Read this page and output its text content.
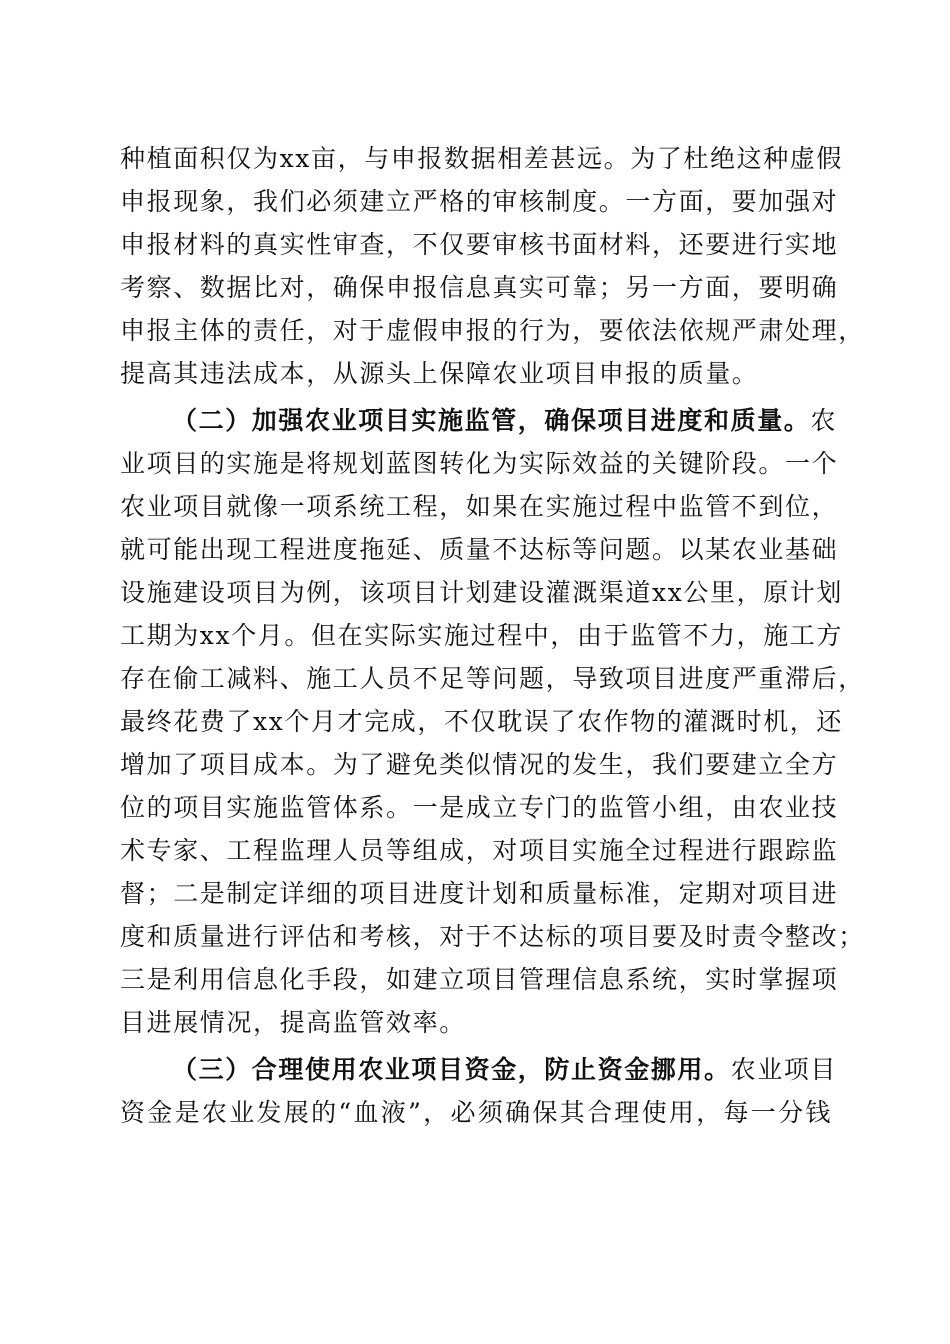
种植面积仅为xx亩，与申报数据相差甚远。为了杜绝这种虚假
申报现象，我们必须建立严格的审核制度。一方面，要加强对
申报材料的真实性审查，不仅要审核书面材料，还要进行实地
考察、数据比对，确保申报信息真实可靠；另一方面，要明确
申报主体的责任，对于虚假申报的行为，要依法依规严肃处理，
提高其违法成本，从源头上保障农业项目申报的质量。
（二）加强农业项目实施监管，确保项目进度和质量。农
业项目的实施是将规划蓝图转化为实际效益的关键阶段。一个
农业项目就像一项系统工程，如果在实施过程中监管不到位，
就可能出现工程进度拖延、质量不达标等问题。以某农业基础
设施建设项目为例，该项目计划建设灌溉渠道xx公里，原计划
工期为xx个月。但在实际实施过程中，由于监管不力，施工方
存在偷工减料、施工人员不足等问题，导致项目进度严重滞后，
最终花费了xx个月才完成，不仅耽误了农作物的灌溉时机，还
增加了项目成本。为了避免类似情况的发生，我们要建立全方
位的项目实施监管体系。一是成立专门的监管小组，由农业技
术专家、工程监理人员等组成，对项目实施全过程进行跟踪监
督；二是制定详细的项目进度计划和质量标准，定期对项目进
度和质量进行评估和考核，对于不达标的项目要及时责令整改；
三是利用信息化手段，如建立项目管理信息系统，实时掌握项
目进展情况，提高监管效率。
（三）合理使用农业项目资金，防止资金挪用。农业项目
资金是农业发展的“血液”，必须确保其合理使用，每一分钱
